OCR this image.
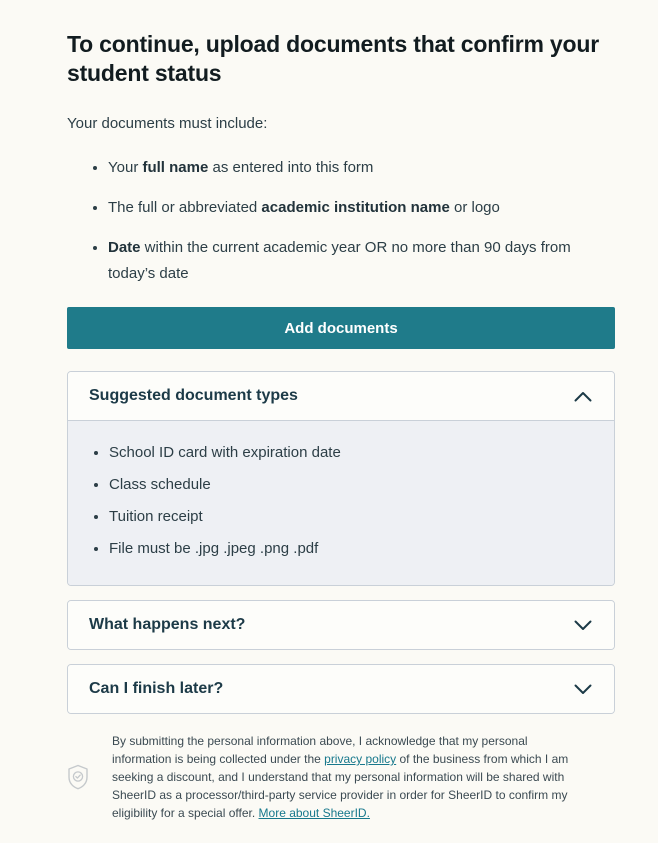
To continue, upload documents that confirm your student status

Your documents must include:

• Your full name as entered into this form
• The full or abbreviated academic institution name or logo
• Date within the current academic year OR no more than 90 days from today’s date
Add documents
Suggested document types
• School ID card with expiration date
• Class schedule
• Tuition receipt
• File must be .jpg .jpeg .png .pdf
What happens next?
Can I finish later?

By submitting the personal information above, I acknowledge that my personal information is being collected under the privacy policy of the business from which I am seeking a discount, and I understand that my personal information will be shared with SheerID as a processor/third-party service provider in order for SheerID to confirm my eligibility for a special offer. More about SheerID.
